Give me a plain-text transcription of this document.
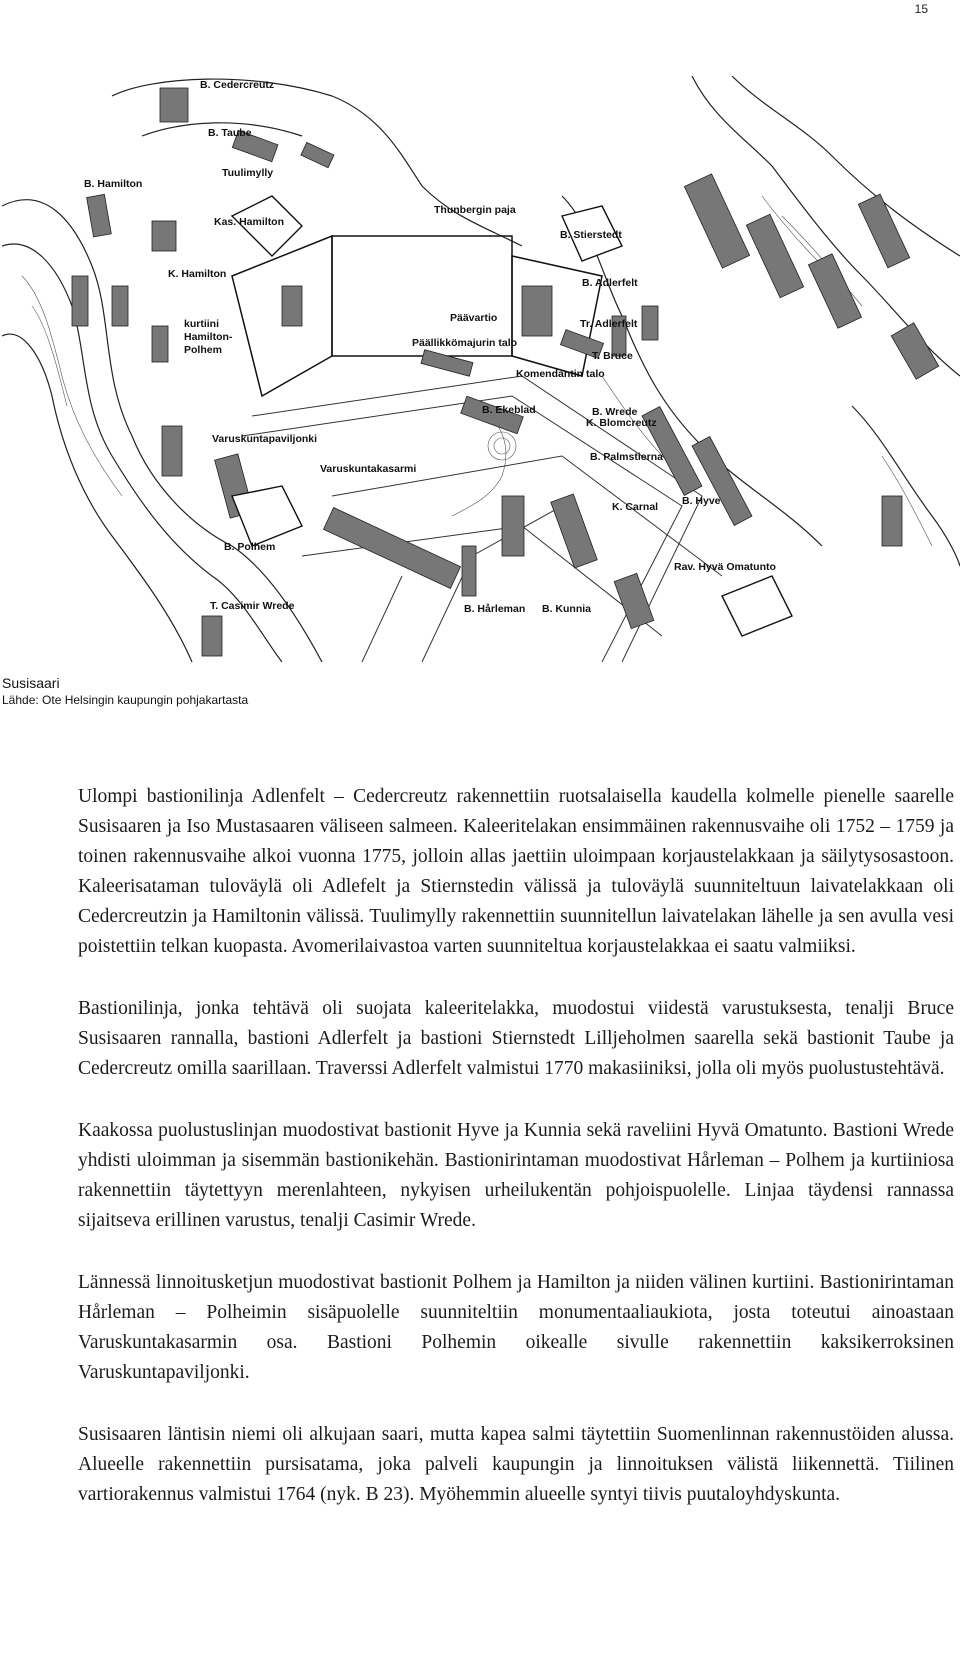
15
B. Cedercreutz
B. Taube
Tuulimylly
B. Hamilton
Kas. Hamilton
Thunbergin paja
B. Stierstedt
K. Hamilton
B. Adlerfelt
kurtiini
Hamilton-
Polhem
Päävartio	Tr. Adlerfelt
Päällikkömajurin talo
T. Bruce
Komendantin talo
B. Ekeblad	B. Wrede
K. Blomcreutz
Varuskuntapaviljonki
B. Palmstierna
Varuskuntakasarmi
K. Carnal B. Hyve
B. Polhem
Rav. Hyvä Omatunto
T. Casimir Wrede	B. Hårleman B. Kunnia
Susisaari
Lähde: Ote Helsingin kaupungin pohjakartasta

Ulompi bastionilinja Adlenfelt – Cedercreutz rakennettiin ruotsalaisella kaudella kolmelle pienelle saarelle Susisaaren ja Iso Mustasaaren väliseen salmeen. Kaleeritelakan ensimmäinen rakennusvaihe oli 1752 – 1759 ja toinen rakennusvaihe alkoi vuonna 1775, jolloin allas jaettiin uloimpaan korjaustelakkaan ja säilytysosastoon. Kaleerisataman tuloväylä oli Adlefelt ja Stiernstedin välissä ja tuloväylä suunniteltuun laivatelakkaan oli Cedercreutzin ja Hamiltonin välissä. Tuulimylly rakennettiin suunnitellun laivatelakan lähelle ja sen avulla vesi poistettiin telkan kuopasta. Avomerilaivastoa varten suunniteltua korjaustelakkaa ei saatu valmiiksi.

Bastionilinja, jonka tehtävä oli suojata kaleeritelakka, muodostui viidestä varustuksesta, tenalji Bruce Susisaaren rannalla, bastioni Adlerfelt ja bastioni Stiernstedt Lilljeholmen saarella sekä bastionit Taube ja Cedercreutz omilla saarillaan. Traverssi Adlerfelt valmistui 1770 makasiiniksi, jolla oli myös puolustustehtävä.

Kaakossa puolustuslinjan muodostivat bastionit Hyve ja Kunnia sekä raveliini Hyvä Omatunto. Bastioni Wrede yhdisti uloimman ja sisemmän bastionikehän. Bastionirintaman muodostivat Hårleman – Polhem ja kurtiiniosa rakennettiin täytettyyn merenlahteen, nykyisen urheilukentän pohjoispuolelle. Linjaa täydensi rannassa sijaitseva erillinen varustus, tenalji Casimir Wrede.

Lännessä linnoitusketjun muodostivat bastionit Polhem ja Hamilton ja niiden välinen kurtiini. Bastionirintaman Hårleman – Polheimin sisäpuolelle suunniteltiin monumentaaliaukiota, josta toteutui ainoastaan Varuskuntakasarmin osa. Bastioni Polhemin oikealle sivulle rakennettiin kaksikerroksinen Varuskuntapaviljonki.

Susisaaren läntisin niemi oli alkujaan saari, mutta kapea salmi täytettiin Suomenlinnan rakennustöiden alussa. Alueelle rakennettiin pursisatama, joka palveli kaupungin ja linnoituksen välistä liikennettä. Tiilinen vartiorakennus valmistui 1764 (nyk. B 23). Myöhemmin alueelle syntyi tiivis puutaloyhdyskunta.
